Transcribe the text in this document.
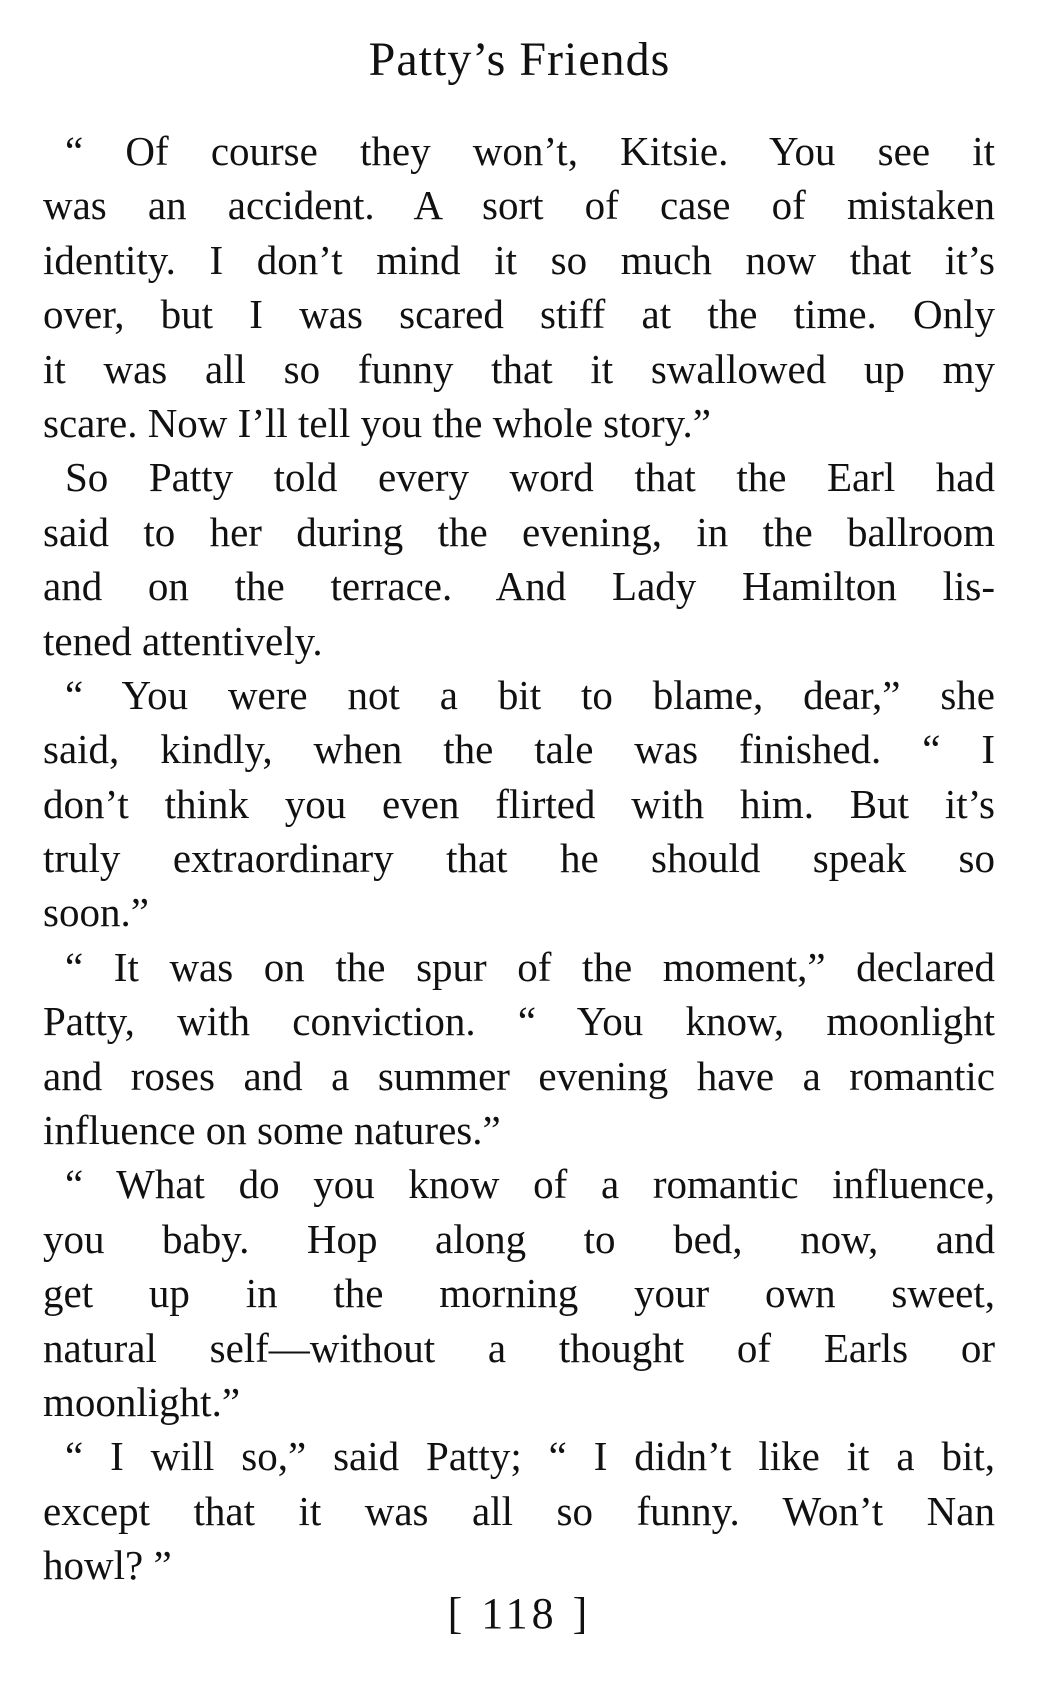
Patty’s Friends

“ Of course they won’t, Kitsie. You see it
was an accident. A sort of case of mistaken
identity. I don’t mind it so much now that it’s
over, but I was scared stiff at the time. Only
it was all so funny that it swallowed up my
scare. Now I’ll tell you the whole story.”

So Patty told every word that the Earl had
said to her during the evening, in the ballroom
and on the terrace. And Lady Hamilton lis-
tened attentively.

“ You were not a bit to blame, dear,” she
said, kindly, when the tale was finished. “ I
don’t think you even flirted with him. But it’s
truly extraordinary that he should speak so
soon.”

“ It was on the spur of the moment,” declared
Patty, with conviction. “ You know, moonlight
and roses and a summer evening have a romantic
influence on some natures.”

“ What do you know of a romantic influence,
you baby. Hop along to bed, now, and
get up in the morning your own sweet,
natural self—without a thought of Earls or
moonlight.”

“ I will so,” said Patty; “ I didn’t like it a bit,
except that it was all so funny. Won’t Nan
howl? ”

[ 118 ]
